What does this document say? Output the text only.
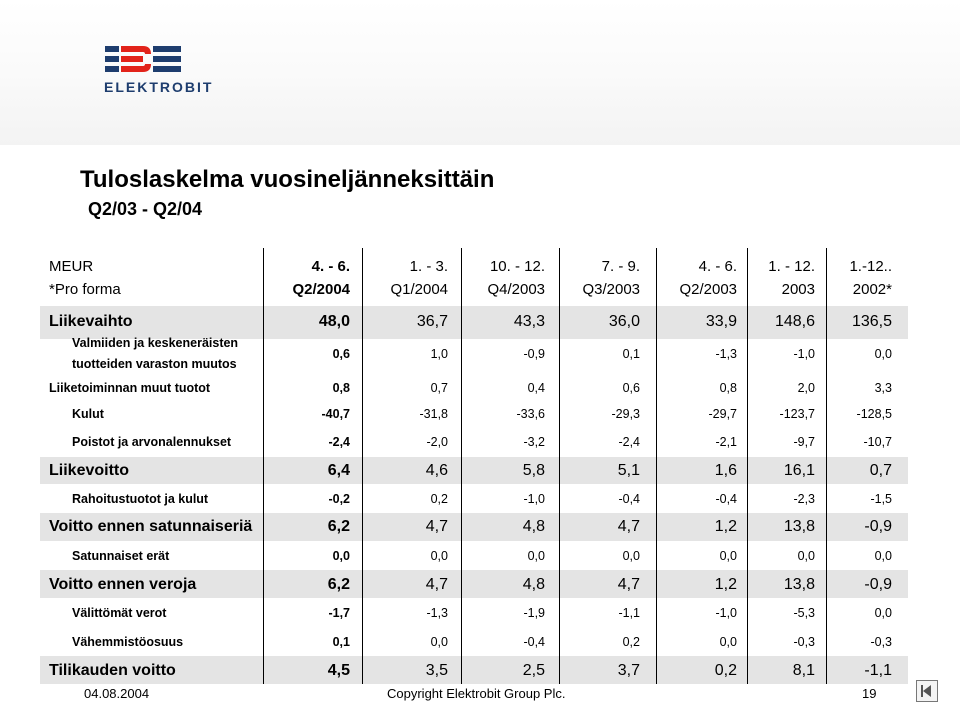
ELEKTROBIT
Tuloslaskelma vuosineljänneksittäin
Q2/03 - Q2/04
MEUR
*Pro forma
4. - 6.	1. - 3.	10. - 12.	7. - 9.	4. - 6.	1. - 12.	1.-12..
Q2/2004	Q1/2004	Q4/2003	Q3/2003	Q2/2003	2003	2002*
Liikevaihto	48,0	36,7	43,3	36,0	33,9	148,6	136,5
Valmiiden ja keskeneräisten
tuotteiden varaston muutos
0,6	1,0	-0,9	0,1	-1,3	-1,0	0,0
Liiketoiminnan muut tuotot	0,8	0,7	0,4	0,6	0,8	2,0	3,3
Kulut	-40,7	-31,8	-33,6	-29,3	-29,7	-123,7	-128,5
Poistot ja arvonalennukset	-2,4	-2,0	-3,2	-2,4	-2,1	-9,7	-10,7
Liikevoitto	6,4	4,6	5,8	5,1	1,6	16,1	0,7
Rahoitustuotot ja kulut	-0,2	0,2	-1,0	-0,4	-0,4	-2,3	-1,5
Voitto ennen satunnaiseriä	6,2	4,7	4,8	4,7	1,2	13,8	-0,9
Satunnaiset erät	0,0	0,0	0,0	0,0	0,0	0,0	0,0
Voitto ennen veroja	6,2	4,7	4,8	4,7	1,2	13,8	-0,9
Välittömät verot	-1,7	-1,3	-1,9	-1,1	-1,0	-5,3	0,0
Vähemmistöosuus	0,1	0,0	-0,4	0,2	0,0	-0,3	-0,3
Tilikauden voitto	4,5	3,5	2,5	3,7	0,2	8,1	-1,1
04.08.2004	Copyright Elektrobit Group Plc.	19
